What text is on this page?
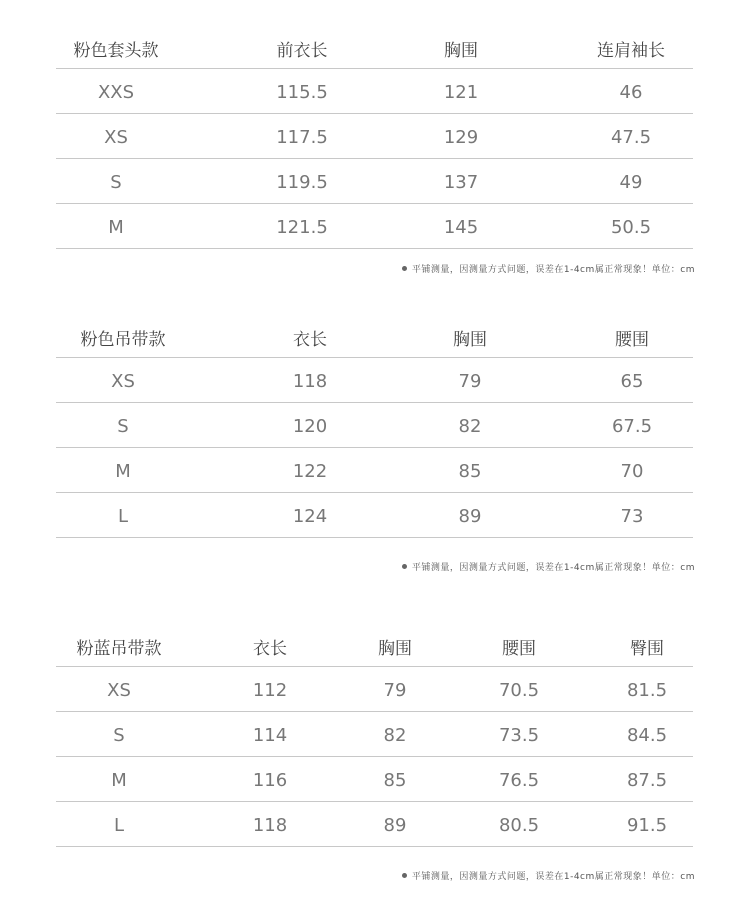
粉色套头款	前衣长	胸围	连肩袖长
XXS	115.5	121	46
XS	117.5	129	47.5
S	119.5	137	49
M	121.5	145	50.5
平铺测量，因测量方式问题，误差在1-4cm属正常现象！单位：cm
粉色吊带款	衣长	胸围	腰围
XS	118	79	65
S	120	82	67.5
M	122	85	70
L	124	89	73
平铺测量，因测量方式问题，误差在1-4cm属正常现象！单位：cm
粉蓝吊带款	衣长	胸围	腰围	臀围
XS	112	79	70.5	81.5
S	114	82	73.5	84.5
M	116	85	76.5	87.5
L	118	89	80.5	91.5
平铺测量，因测量方式问题，误差在1-4cm属正常现象！单位：cm
